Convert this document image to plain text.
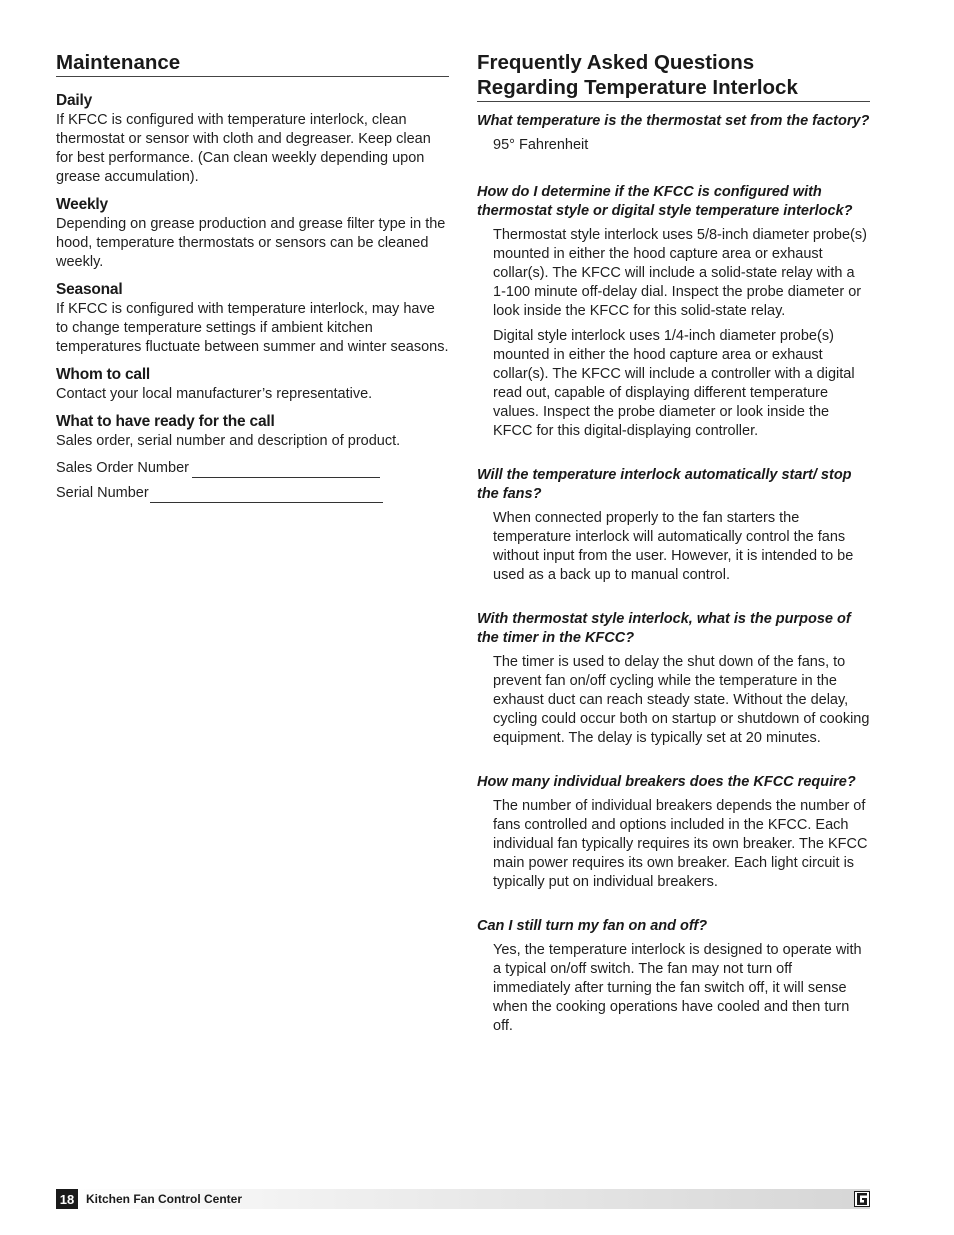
Maintenance
Daily

If KFCC is configured with temperature interlock, clean thermostat or sensor with cloth and degreaser. Keep clean for best performance. (Can clean weekly depending upon grease accumulation).

Weekly

Depending on grease production and grease filter type in the hood, temperature thermostats or sensors can be cleaned weekly.

Seasonal

If KFCC is configured with temperature interlock, may have to change temperature settings if ambient kitchen temperatures fluctuate between summer and winter seasons.

Whom to call

Contact your local manufacturer’s representative.

What to have ready for the call

Sales order, serial number and description of product.

Sales Order Number
Serial Number
Frequently Asked Questions
Regarding Temperature Interlock
What temperature is the thermostat set from the factory?
95° Fahrenheit
How do I determine if the KFCC is configured with thermostat style or digital style temperature interlock?
Thermostat style interlock uses 5/8-inch diameter probe(s) mounted in either the hood capture area or exhaust collar(s). The KFCC will include a solid-state relay with a 1-100 minute off-delay dial. Inspect the probe diameter or look inside the KFCC for this solid-state relay.
Digital style interlock uses 1/4-inch diameter probe(s) mounted in either the hood capture area or exhaust collar(s). The KFCC will include a controller with a digital read out, capable of displaying different temperature values. Inspect the probe diameter or look inside the KFCC for this digital-displaying controller.
Will the temperature interlock automatically start/ stop the fans?
When connected properly to the fan starters the temperature interlock will automatically control the fans without input from the user. However, it is intended to be used as a back up to manual control.
With thermostat style interlock, what is the purpose of the timer in the KFCC?
The timer is used to delay the shut down of the fans, to prevent fan on/off cycling while the temperature in the exhaust duct can reach steady state. Without the delay, cycling could occur both on startup or shutdown of cooking equipment. The delay is typically set at 20 minutes.
How many individual breakers does the KFCC require?
The number of individual breakers depends the number of fans controlled and options included in the KFCC. Each individual fan typically requires its own breaker. The KFCC main power requires its own breaker. Each light circuit is typically put on individual breakers.
Can I still turn my fan on and off?
Yes, the temperature interlock is designed to operate with a typical on/off switch. The fan may not turn off immediately after turning the fan switch off, it will sense when the cooking operations have cooled and then turn off.
18 Kitchen Fan Control Center
